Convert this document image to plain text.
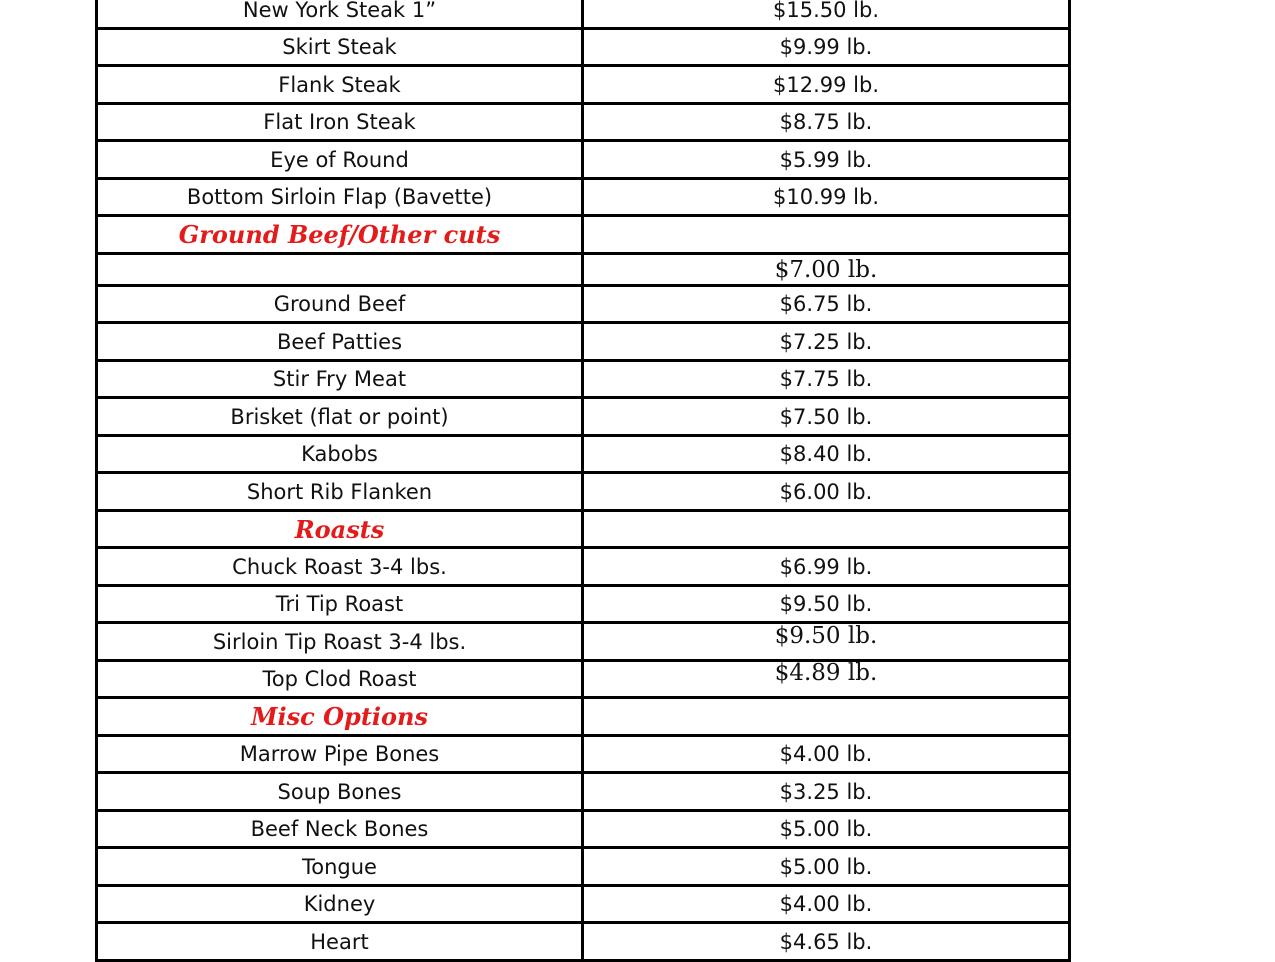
New York Steak 1”	$15.50 lb.
Skirt Steak	$9.99 lb.
Flank Steak	$12.99 lb.
Flat Iron Steak	$8.75 lb.
Eye of Round	$5.99 lb.
Bottom Sirloin Flap (Bavette)	$10.99 lb.
Ground Beef/Other cuts	
	$7.00 lb.
Ground Beef	$6.75 lb.
Beef Patties	$7.25 lb.
Stir Fry Meat	$7.75 lb.
Brisket (flat or point)	$7.50 lb.
Kabobs	$8.40 lb.
Short Rib Flanken	$6.00 lb.
Roasts	
Chuck Roast 3-4 lbs.	$6.99 lb.
Tri Tip Roast	$9.50 lb.
Sirloin Tip Roast 3-4 lbs.	$9.50 lb.
Top Clod Roast	$4.89 lb.
Misc Options	
Marrow Pipe Bones	$4.00 lb.
Soup Bones	$3.25 lb.
Beef Neck Bones	$5.00 lb.
Tongue	$5.00 lb.
Kidney	$4.00 lb.
Heart	$4.65 lb.
